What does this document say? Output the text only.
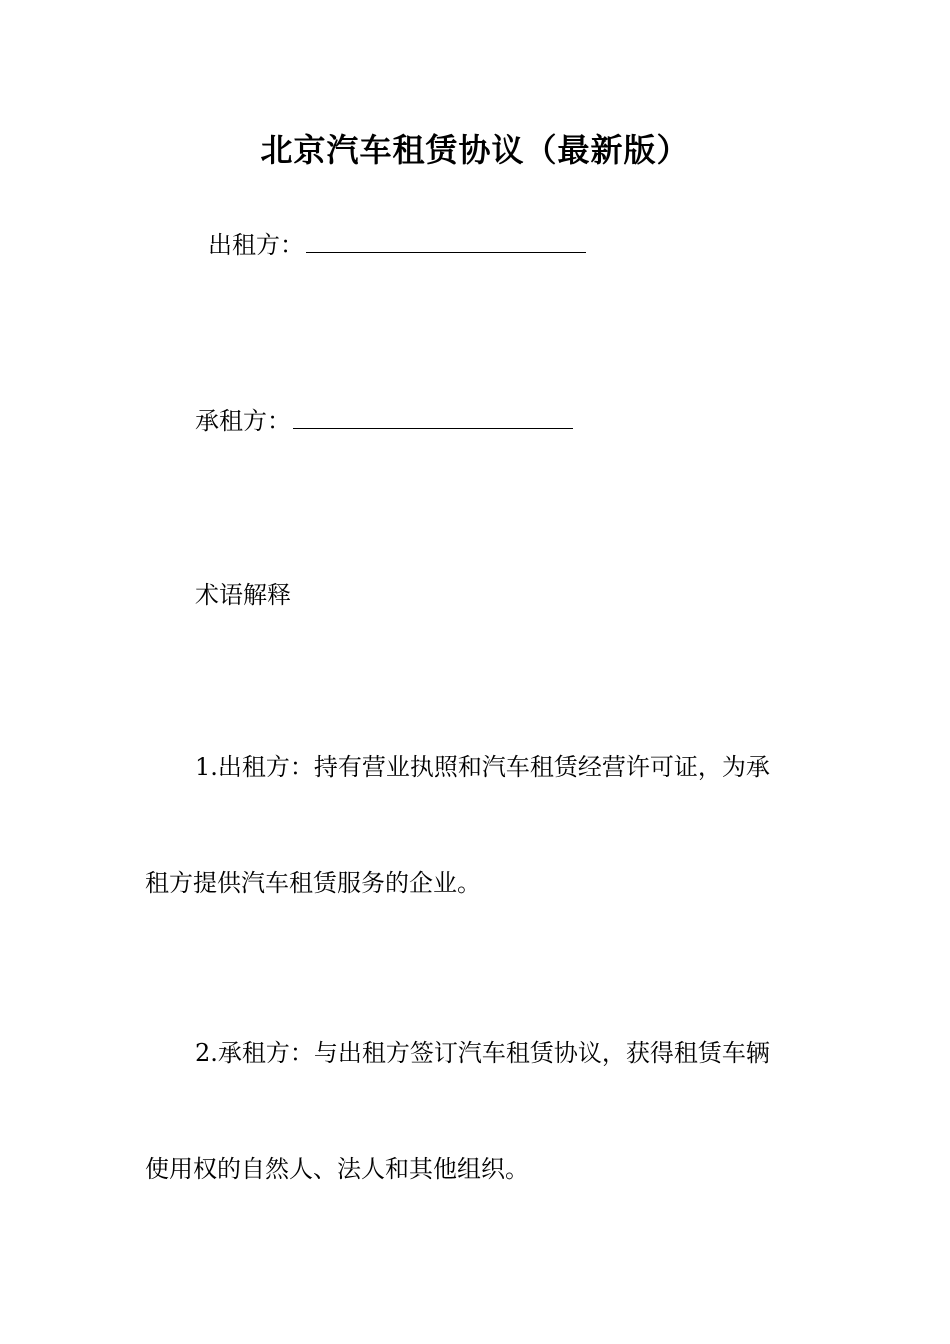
北京汽车租赁协议（最新版）
出租方：
承租方：
术语解释
1.出租方：持有营业执照和汽车租赁经营许可证，为承
租方提供汽车租赁服务的企业。
2.承租方：与出租方签订汽车租赁协议，获得租赁车辆
使用权的自然人、法人和其他组织。
